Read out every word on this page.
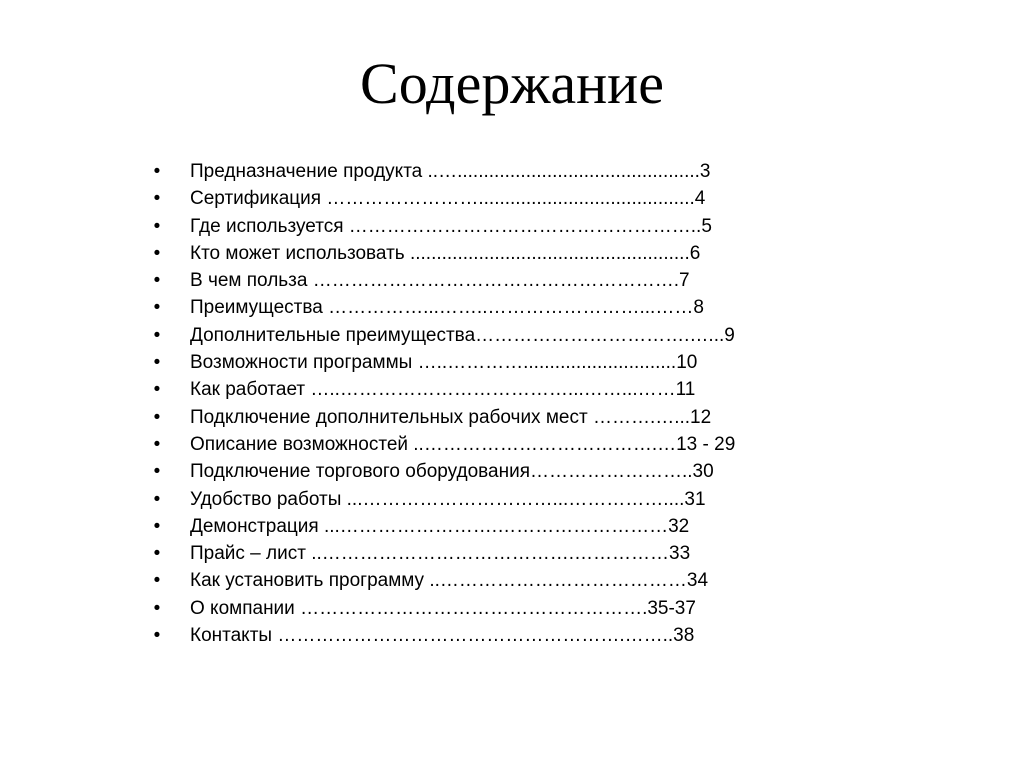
Содержание
• Предназначение продукта ..…..............................................3
• Сертификация …………………….........................................4
• Где используется ………………………………………………..5
• Кто может использовать .....................................................6
• В чем польза ………………………………………………….7
• Преимущества ……………...……..……………………...……8
• Дополнительные преимущества…………………………….…...9
• Возможности программы …..………….............................10
• Как работает …..………………………………...……...……11
• Подключение дополнительных рабочих мест ……….…...12
• Описание возможностей ..……………………………….…13 - 29
• Подключение торгового оборудования……………………..30
• Удобство работы ...…………………………...……………....31
• Демонстрация ...…………………….………………………32
• Прайс – лист ..………………………………….……………33
• Как установить программу ..…………………………………34
• О компании ……………………………………………….35-37
• Контакты ……………………………………………….……..38
